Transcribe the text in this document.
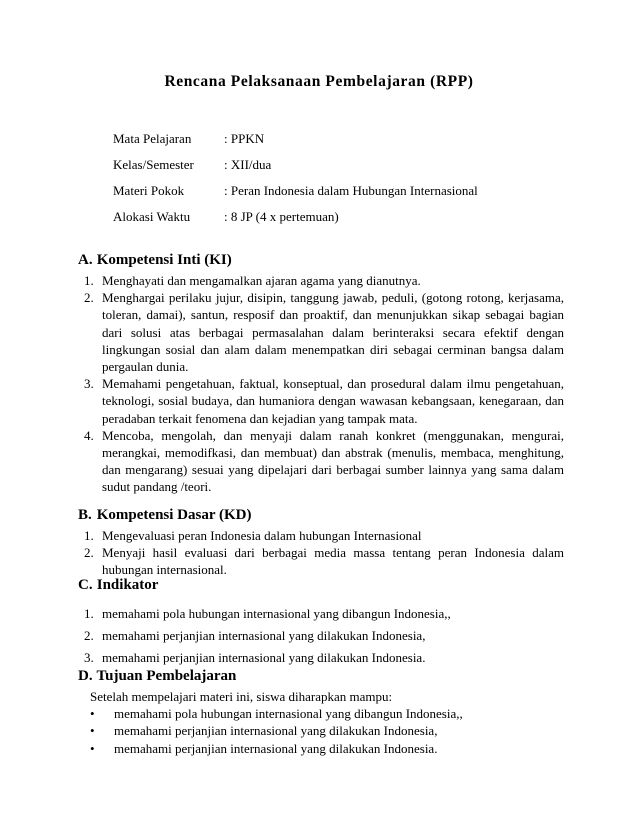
Rencana Pelaksanaan Pembelajaran (RPP)
Mata Pelajaran	: PPKN
Kelas/Semester : XII/dua
Materi Pokok	: Peran Indonesia dalam Hubungan Internasional
Alokasi Waktu	: 8 JP (4 x pertemuan)
A. Kompetensi Inti (KI)
1. Menghayati dan mengamalkan ajaran agama yang dianutnya.
2. Menghargai perilaku jujur, disipin, tanggung jawab, peduli, (gotong rotong, kerjasama, toleran, damai), santun, resposif dan proaktif, dan menunjukkan sikap sebagai bagian dari solusi atas berbagai permasalahan dalam berinteraksi secara efektif dengan lingkungan sosial dan alam dalam menempatkan diri sebagai cerminan bangsa dalam pergaulan dunia.
3. Memahami pengetahuan, faktual, konseptual, dan prosedural dalam ilmu pengetahuan, teknologi, sosial budaya, dan humaniora dengan wawasan kebangsaan, kenegaraan, dan peradaban terkait fenomena dan kejadian yang tampak mata.
4. Mencoba, mengolah, dan menyaji dalam ranah konkret (menggunakan, mengurai, merangkai, memodifkasi, dan membuat) dan abstrak (menulis, membaca, menghitung, dan mengarang) sesuai yang dipelajari dari berbagai sumber lainnya yang sama dalam sudut pandang /teori.
B. Kompetensi Dasar (KD)
1. Mengevaluasi peran Indonesia dalam hubungan Internasional
2. Menyaji hasil evaluasi dari berbagai media massa tentang peran Indonesia dalam hubungan internasional.
C. Indikator
1. memahami pola hubungan internasional yang dibangun Indonesia,,
2. memahami perjanjian internasional yang dilakukan Indonesia,
3. memahami perjanjian internasional yang dilakukan Indonesia.
D. Tujuan Pembelajaran
Setelah mempelajari materi ini, siswa diharapkan mampu:
• memahami pola hubungan internasional yang dibangun Indonesia,,
• memahami perjanjian internasional yang dilakukan Indonesia,
• memahami perjanjian internasional yang dilakukan Indonesia.
